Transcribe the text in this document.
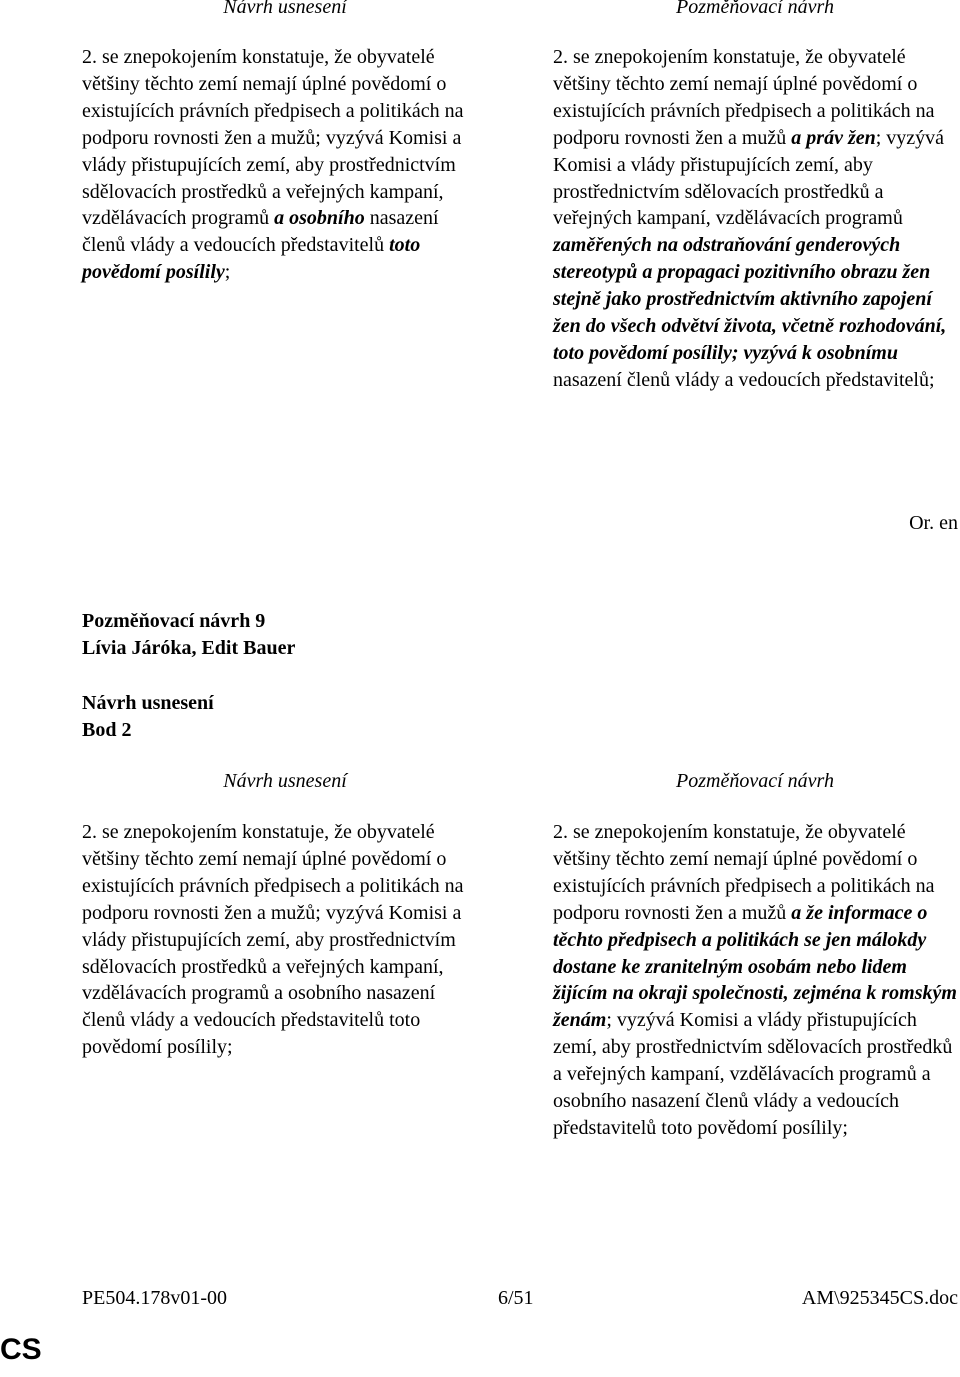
Návrh usnesení	Pozměňovací návrh
2. se znepokojením konstatuje, že obyvatelé většiny těchto zemí nemají úplné povědomí o existujících právních předpisech a politikách na podporu rovnosti žen a mužů; vyzývá Komisi a vlády přistupujících zemí, aby prostřednictvím sdělovacích prostředků a veřejných kampaní, vzdělávacích programů a osobního nasazení členů vlády a vedoucích představitelů toto povědomí posílily;
2. se znepokojením konstatuje, že obyvatelé většiny těchto zemí nemají úplné povědomí o existujících právních předpisech a politikách na podporu rovnosti žen a mužů a práv žen; vyzývá Komisi a vlády přistupujících zemí, aby prostřednictvím sdělovacích prostředků a veřejných kampaní, vzdělávacích programů zaměřených na odstraňování genderových stereotypů a propagaci pozitivního obrazu žen stejně jako prostřednictvím aktivního zapojení žen do všech odvětví života, včetně rozhodování, toto povědomí posílily; vyzývá k osobnímu nasazení členů vlády a vedoucích představitelů;
Or. en
Pozměňovací návrh 9
Lívia Járóka, Edit Bauer
Návrh usnesení
Bod 2
Návrh usnesení	Pozměňovací návrh
2. se znepokojením konstatuje, že obyvatelé většiny těchto zemí nemají úplné povědomí o existujících právních předpisech a politikách na podporu rovnosti žen a mužů; vyzývá Komisi a vlády přistupujících zemí, aby prostřednictvím sdělovacích prostředků a veřejných kampaní, vzdělávacích programů a osobního nasazení členů vlády a vedoucích představitelů toto povědomí posílily;
2. se znepokojením konstatuje, že obyvatelé většiny těchto zemí nemají úplné povědomí o existujících právních předpisech a politikách na podporu rovnosti žen a mužů a že informace o těchto předpisech a politikách se jen málokdy dostane ke zranitelným osobám nebo lidem žijícím na okraji společnosti, zejména k romským ženám; vyzývá Komisi a vlády přistupujících zemí, aby prostřednictvím sdělovacích prostředků a veřejných kampaní, vzdělávacích programů a osobního nasazení členů vlády a vedoucích představitelů toto povědomí posílily;
PE504.178v01-00	6/51	AM\925345CS.doc
CS
